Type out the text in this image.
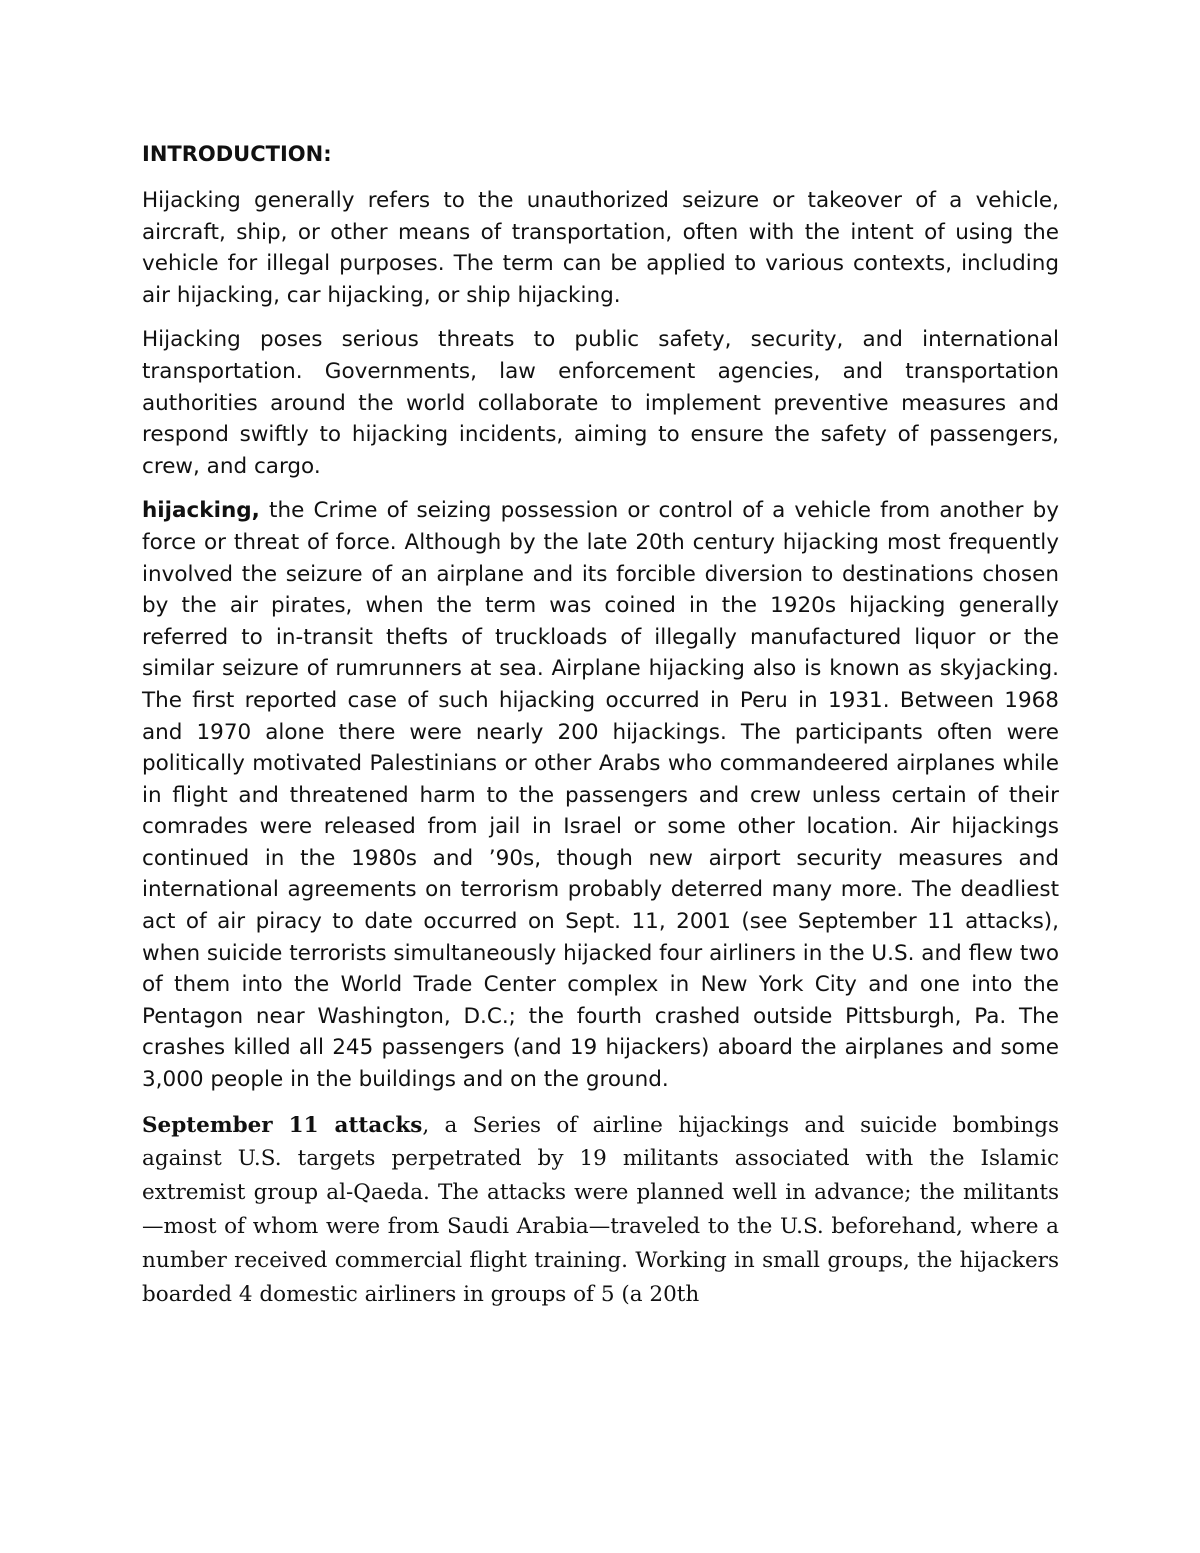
INTRODUCTION:

Hijacking generally refers to the unauthorized seizure or takeover of a vehicle, aircraft, ship, or other means of transportation, often with the intent of using the vehicle for illegal purposes. The term can be applied to various contexts, including air hijacking, car hijacking, or ship hijacking.

Hijacking poses serious threats to public safety, security, and international transportation. Governments, law enforcement agencies, and transportation authorities around the world collaborate to implement preventive measures and respond swiftly to hijacking incidents, aiming to ensure the safety of passengers, crew, and cargo.

hijacking, the Crime of seizing possession or control of a vehicle from another by force or threat of force. Although by the late 20th century hijacking most frequently involved the seizure of an airplane and its forcible diversion to destinations chosen by the air pirates, when the term was coined in the 1920s hijacking generally referred to in-transit thefts of truckloads of illegally manufactured liquor or the similar seizure of rumrunners at sea. Airplane hijacking also is known as skyjacking. The first reported case of such hijacking occurred in Peru in 1931. Between 1968 and 1970 alone there were nearly 200 hijackings. The participants often were politically motivated Palestinians or other Arabs who commandeered airplanes while in flight and threatened harm to the passengers and crew unless certain of their comrades were released from jail in Israel or some other location. Air hijackings continued in the 1980s and ’90s, though new airport security measures and international agreements on terrorism probably deterred many more. The deadliest act of air piracy to date occurred on Sept. 11, 2001 (see September 11 attacks), when suicide terrorists simultaneously hijacked four airliners in the U.S. and flew two of them into the World Trade Center complex in New York City and one into the Pentagon near Washington, D.C.; the fourth crashed outside Pittsburgh, Pa. The crashes killed all 245 passengers (and 19 hijackers) aboard the airplanes and some 3,000 people in the buildings and on the ground.

September 11 attacks, a Series of airline hijackings and suicide bombings against U.S. targets perpetrated by 19 militants associated with the Islamic extremist group al-Qaeda. The attacks were planned well in advance; the militants—most of whom were from Saudi Arabia—traveled to the U.S. beforehand, where a number received commercial flight training. Working in small groups, the hijackers boarded 4 domestic airliners in groups of 5 (a 20th
